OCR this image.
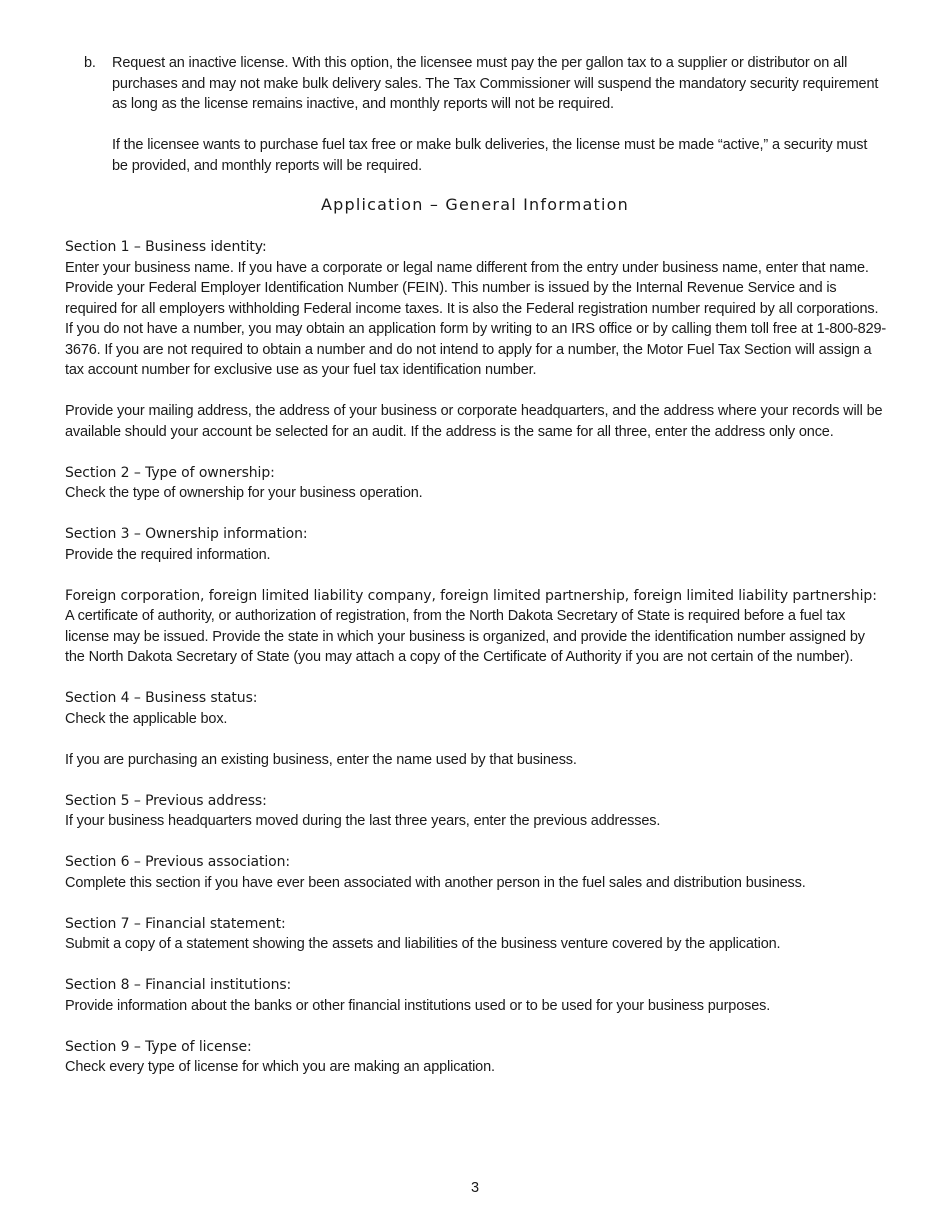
b. Request an inactive license. With this option, the licensee must pay the per gallon tax to a supplier or distributor on all purchases and may not make bulk delivery sales. The Tax Commissioner will suspend the mandatory security requirement as long as the license remains inactive, and monthly reports will not be required.

If the licensee wants to purchase fuel tax free or make bulk deliveries, the license must be made “active,” a security must be provided, and monthly reports will be required.

Application – General Information
Section 1 – Business identity:
Enter your business name. If you have a corporate or legal name different from the entry under business name, enter that name. Provide your Federal Employer Identification Number (FEIN). This number is issued by the Internal Revenue Service and is required for all employers withholding Federal income taxes. It is also the Federal registration number required by all corporations. If you do not have a number, you may obtain an application form by writing to an IRS office or by calling them toll free at 1-800-829-3676. If you are not required to obtain a number and do not intend to apply for a number, the Motor Fuel Tax Section will assign a tax account number for exclusive use as your fuel tax identification number.
Provide your mailing address, the address of your business or corporate headquarters, and the address where your records will be available should your account be selected for an audit. If the address is the same for all three, enter the address only once.
Section 2 – Type of ownership:
Check the type of ownership for your business operation.
Section 3 – Ownership information:
Provide the required information.
Foreign corporation, foreign limited liability company, foreign limited partnership, foreign limited liability partnership: A certificate of authority, or authorization of registration, from the North Dakota Secretary of State is required before a fuel tax license may be issued. Provide the state in which your business is organized, and provide the identification number assigned by the North Dakota Secretary of State (you may attach a copy of the Certificate of Authority if you are not certain of the number).
Section 4 – Business status:
Check the applicable box.
If you are purchasing an existing business, enter the name used by that business.
Section 5 – Previous address:
If your business headquarters moved during the last three years, enter the previous addresses.
Section 6 – Previous association:
Complete this section if you have ever been associated with another person in the fuel sales and distribution business.
Section 7 – Financial statement:
Submit a copy of a statement showing the assets and liabilities of the business venture covered by the application.
Section 8 – Financial institutions:
Provide information about the banks or other financial institutions used or to be used for your business purposes.
Section 9 – Type of license:
Check every type of license for which you are making an application.
3
